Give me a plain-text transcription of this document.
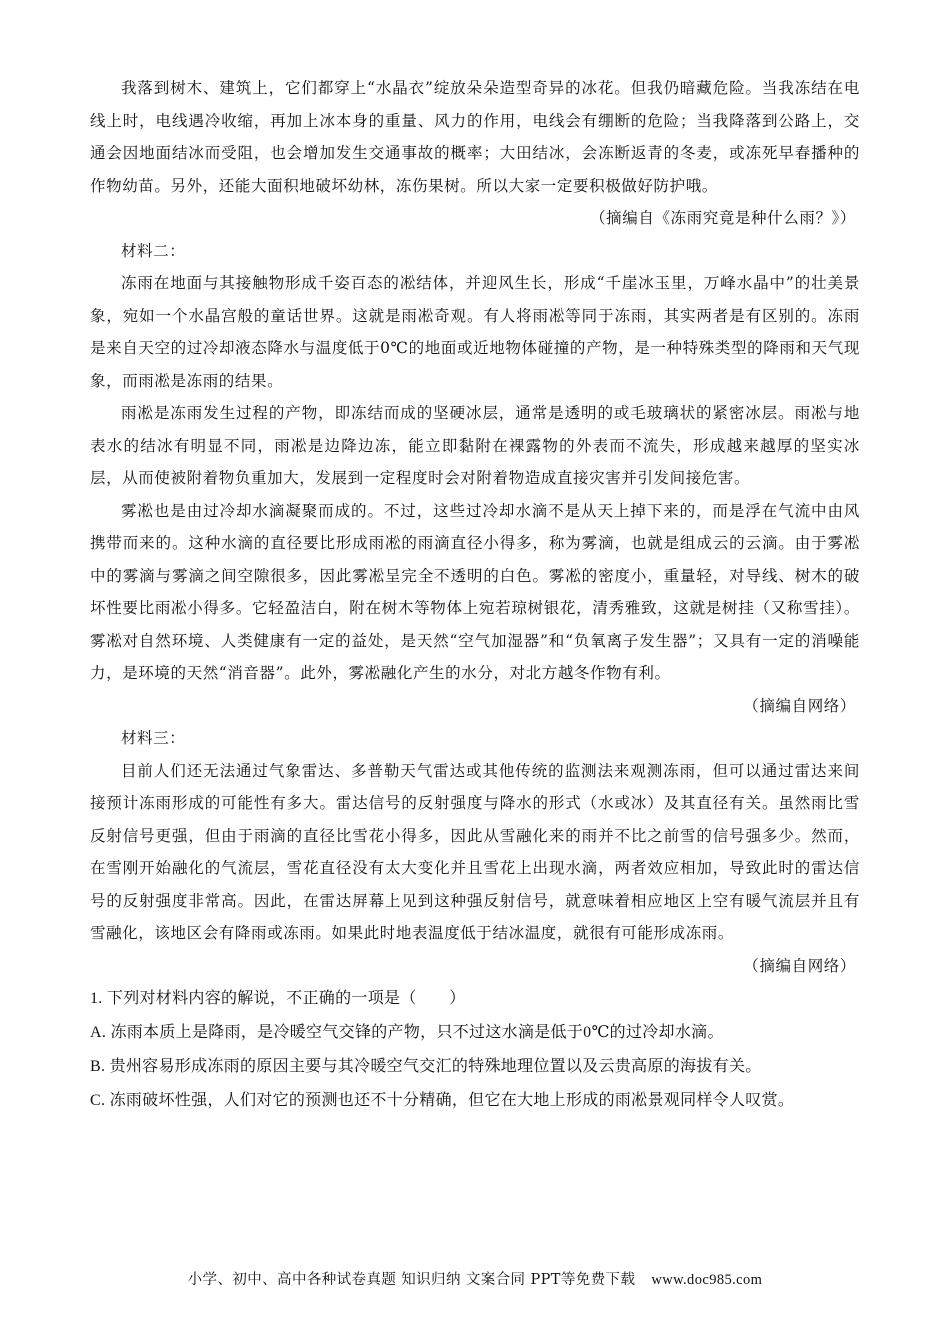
我落到树木、建筑上，它们都穿上“水晶衣”绽放朵朵造型奇异的冰花。但我仍暗藏危险。当我冻结在电线上时，电线遇冷收缩，再加上冰本身的重量、风力的作用，电线会有绷断的危险；当我降落到公路上，交通会因地面结冰而受阻，也会增加发生交通事故的概率；大田结冰，会冻断返青的冬麦，或冻死早春播种的作物幼苗。另外，还能大面积地破坏幼林，冻伤果树。所以大家一定要积极做好防护哦。

（摘编自《冻雨究竟是种什么雨？》）

材料二：

冻雨在地面与其接触物形成千姿百态的凇结体，并迎风生长，形成“千崖冰玉里，万峰水晶中”的壮美景象，宛如一个水晶宫般的童话世界。这就是雨凇奇观。有人将雨凇等同于冻雨，其实两者是有区别的。冻雨是来自天空的过冷却液态降水与温度低于0℃的地面或近地物体碰撞的产物，是一种特殊类型的降雨和天气现象，而雨凇是冻雨的结果。

雨凇是冻雨发生过程的产物，即冻结而成的坚硬冰层，通常是透明的或毛玻璃状的紧密冰层。雨凇与地表水的结冰有明显不同，雨凇是边降边冻，能立即黏附在裸露物的外表而不流失，形成越来越厚的坚实冰层，从而使被附着物负重加大，发展到一定程度时会对附着物造成直接灾害并引发间接危害。

雾凇也是由过冷却水滴凝聚而成的。不过，这些过冷却水滴不是从天上掉下来的，而是浮在气流中由风携带而来的。这种水滴的直径要比形成雨凇的雨滴直径小得多，称为雾滴，也就是组成云的云滴。由于雾凇中的雾滴与雾滴之间空隙很多，因此雾凇呈完全不透明的白色。雾凇的密度小，重量轻，对导线、树木的破坏性要比雨凇小得多。它轻盈洁白，附在树木等物体上宛若琼树银花，清秀雅致，这就是树挂（又称雪挂）。雾凇对自然环境、人类健康有一定的益处，是天然“空气加湿器”和“负氧离子发生器”；又具有一定的消噪能力，是环境的天然“消音器”。此外，雾凇融化产生的水分，对北方越冬作物有利。

（摘编自网络）

材料三：

目前人们还无法通过气象雷达、多普勒天气雷达或其他传统的监测法来观测冻雨，但可以通过雷达来间接预计冻雨形成的可能性有多大。雷达信号的反射强度与降水的形式（水或冰）及其直径有关。虽然雨比雪反射信号更强，但由于雨滴的直径比雪花小得多，因此从雪融化来的雨并不比之前雪的信号强多少。然而，在雪刚开始融化的气流层，雪花直径没有太大变化并且雪花上出现水滴，两者效应相加，导致此时的雷达信号的反射强度非常高。因此，在雷达屏幕上见到这种强反射信号，就意味着相应地区上空有暖气流层并且有雪融化，该地区会有降雨或冻雨。如果此时地表温度低于结冰温度，就很有可能形成冻雨。

（摘编自网络）

1. 下列对材料内容的解说，不正确的一项是（　　）

A. 冻雨本质上是降雨，是冷暖空气交锋的产物，只不过这水滴是低于0℃的过冷却水滴。

B. 贵州容易形成冻雨的原因主要与其冷暖空气交汇的特殊地理位置以及云贵高原的海拔有关。

C. 冻雨破坏性强，人们对它的预测也还不十分精确，但它在大地上形成的雨凇景观同样令人叹赏。

小学、初中、高中各种试卷真题 知识归纳 文案合同 PPT等免费下载 www.doc985.com
